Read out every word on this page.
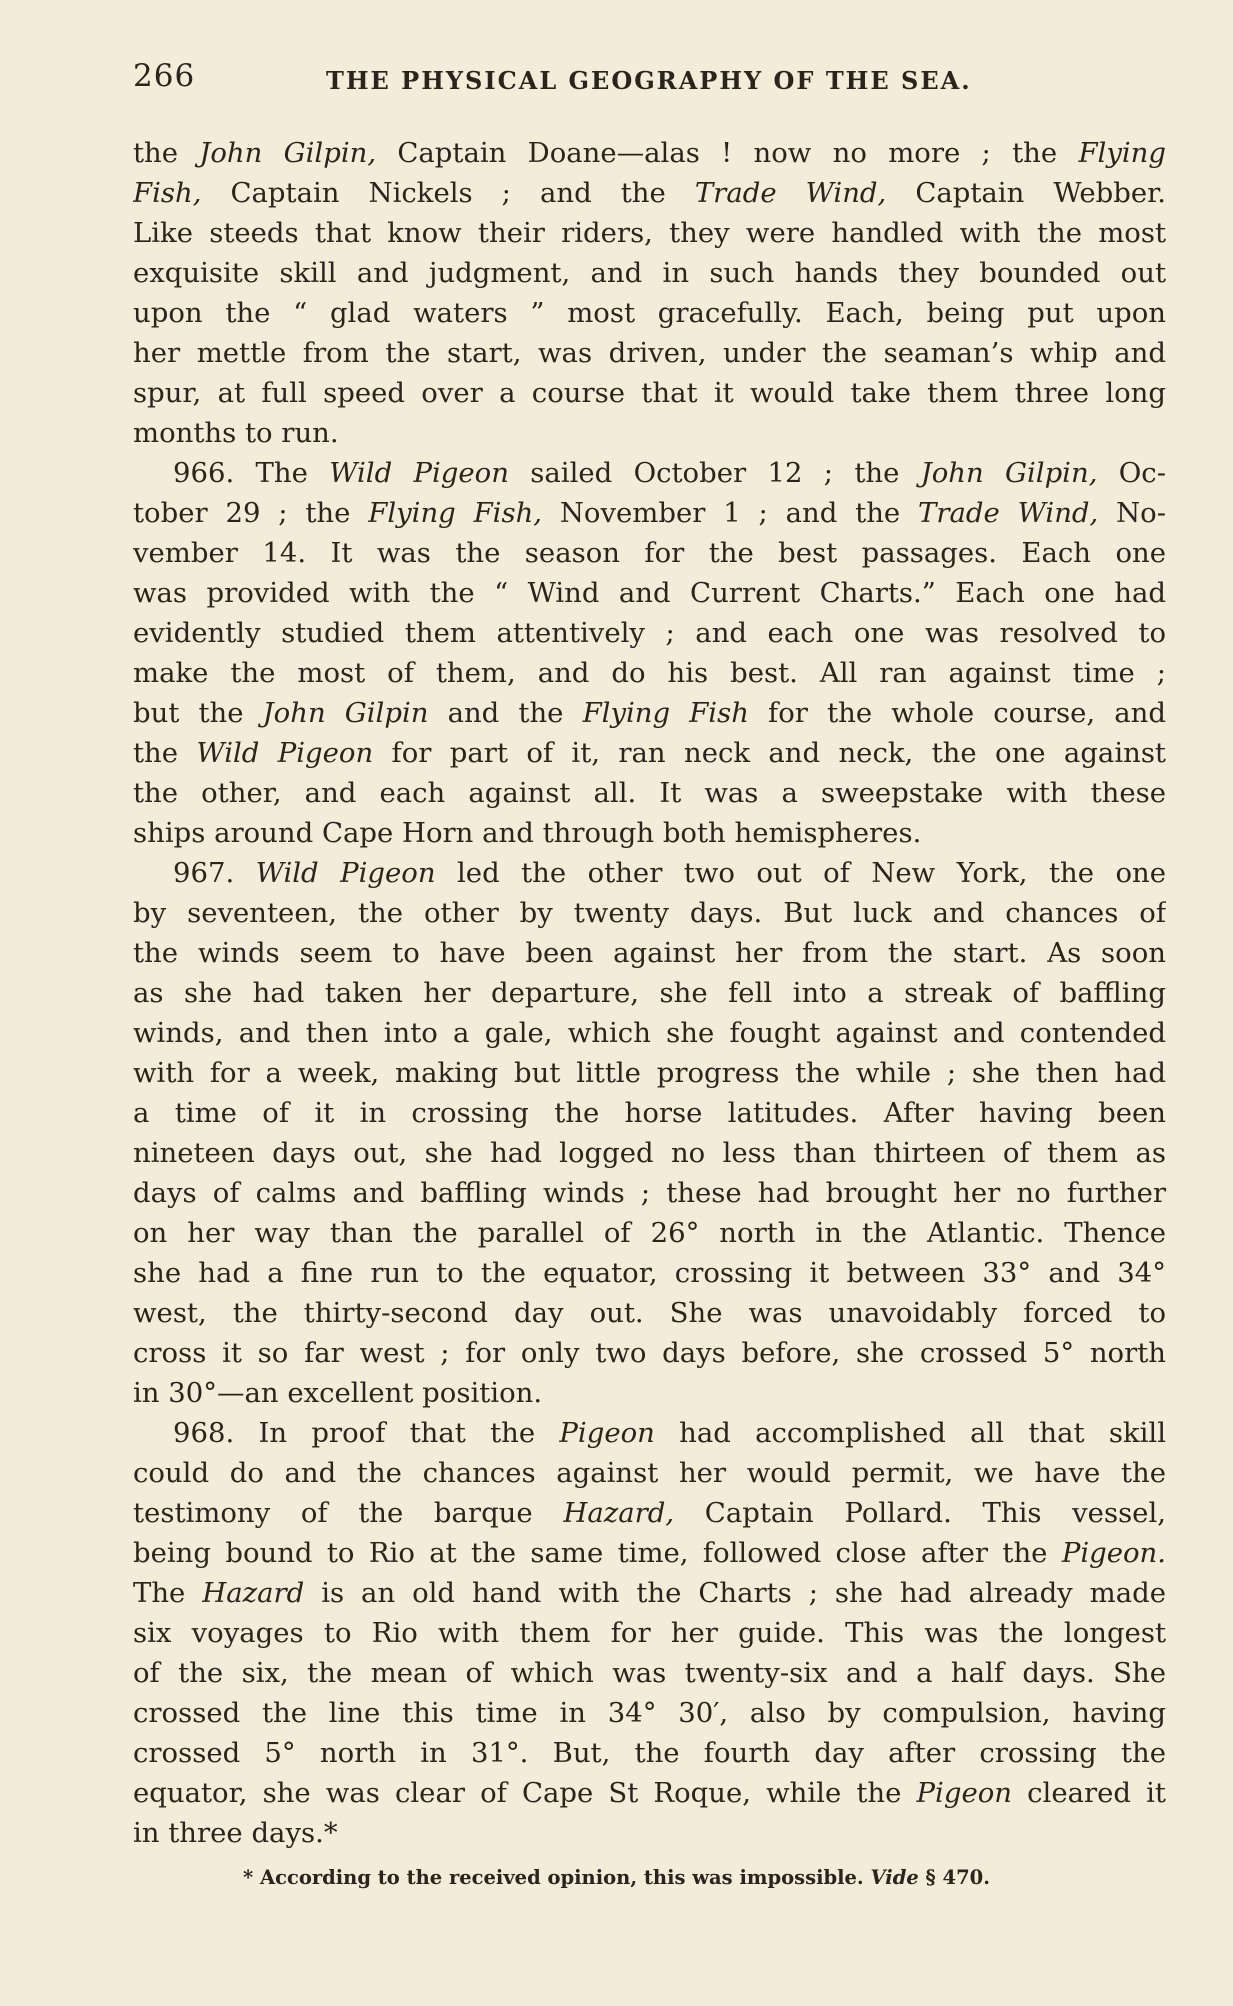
266	THE PHYSICAL GEOGRAPHY OF THE SEA.
the John Gilpin, Captain Doane—alas ! now no more ; the Flying
Fish, Captain Nickels ; and the Trade Wind, Captain Webber.
Like steeds that know their riders, they were handled with the most
exquisite skill and judgment, and in such hands they bounded out
upon the “ glad waters ” most gracefully. Each, being put upon
her mettle from the start, was driven, under the seaman’s whip and
spur, at full speed over a course that it would take them three long
months to run.
966. The Wild Pigeon sailed October 12 ; the John Gilpin, Oc-
tober 29 ; the Flying Fish, November 1 ; and the Trade Wind, No-
vember 14. It was the season for the best passages. Each one
was provided with the “ Wind and Current Charts.” Each one had
evidently studied them attentively ; and each one was resolved to
make the most of them, and do his best. All ran against time ;
but the John Gilpin and the Flying Fish for the whole course, and
the Wild Pigeon for part of it, ran neck and neck, the one against
the other, and each against all. It was a sweepstake with these
ships around Cape Horn and through both hemispheres.
967. Wild Pigeon led the other two out of New York, the one
by seventeen, the other by twenty days. But luck and chances of
the winds seem to have been against her from the start. As soon
as she had taken her departure, she fell into a streak of baffling
winds, and then into a gale, which she fought against and contended
with for a week, making but little progress the while ; she then had
a time of it in crossing the horse latitudes. After having been
nineteen days out, she had logged no less than thirteen of them as
days of calms and baffling winds ; these had brought her no further
on her way than the parallel of 26° north in the Atlantic. Thence
she had a fine run to the equator, crossing it between 33° and 34°
west, the thirty-second day out. She was unavoidably forced to
cross it so far west ; for only two days before, she crossed 5° north
in 30°—an excellent position.
968. In proof that the Pigeon had accomplished all that skill
could do and the chances against her would permit, we have the
testimony of the barque Hazard, Captain Pollard. This vessel,
being bound to Rio at the same time, followed close after the Pigeon.
The Hazard is an old hand with the Charts ; she had already made
six voyages to Rio with them for her guide. This was the longest
of the six, the mean of which was twenty-six and a half days. She
crossed the line this time in 34° 30′, also by compulsion, having
crossed 5° north in 31°. But, the fourth day after crossing the
equator, she was clear of Cape St Roque, while the Pigeon cleared it
in three days.*
* According to the received opinion, this was impossible. Vide § 470.
